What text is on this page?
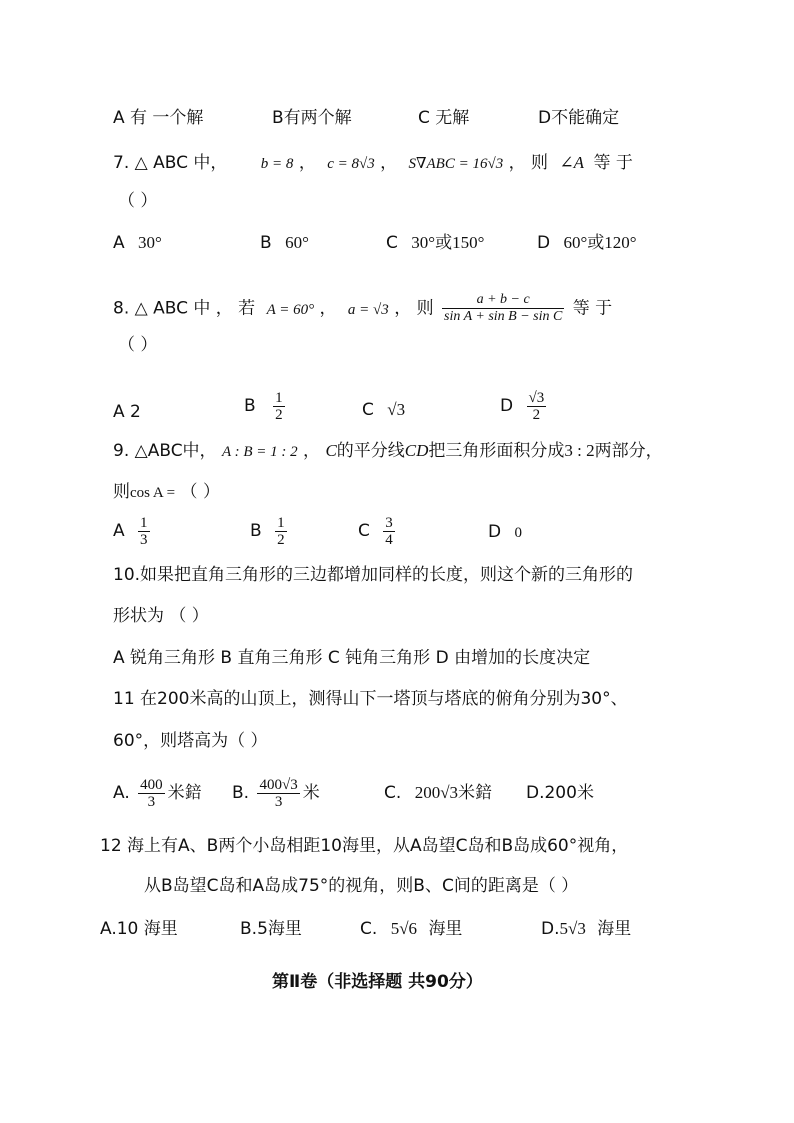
A 有 一个解	B有两个解	C 无解	D不能确定
7. △ ABC 中， b = 8 ， c = 8√3 ， S∇ABC = 16√3 ， 则 ∠A 等 于
（ ）
A 30°	B 60°	C 30°或150°	D 60°或120°
8. △ ABC 中 ， 若 A = 60° ， a = √3 ， 则 $\frac{a + b - c}{\text{sin A + sin B − sin C}}$ 等 于
（ ）
A 2	B $\frac{1}{2}$	C √3	D $\frac{√3}{2}$
9. △ABC中， A : B = 1 : 2 ， C的平分线CD把三角形面积分成3 : 2两部分，
则cos A = （ ）
A $\frac{1}{3}$	B $\frac{1}{2}$	C $\frac{3}{4}$	D 0
10.如果把直角三角形的三边都增加同样的长度，则这个新的三角形的
形状为 （ ）
A 锐角三角形 B 直角三角形 C 钝角三角形 D 由增加的长度决定
11 在200米高的山顶上，测得山下一塔顶与塔底的俯角分别为30°、
60°，则塔高为（ ）
A. $\frac{400}{3}$ 米錇 B. $\frac{400√3}{3}$ 米	C. 200√3米錇 D.200米
12 海上有A、B两个小岛相距10海里，从A岛望C岛和B岛成60°视角，
从B岛望C岛和A岛成75°的视角，则B、C间的距离是（ ）
A.10 海里	B.5海里	C. 5√6 海里	D.5√3 海里
第Ⅱ卷（非选择题 共90分）
